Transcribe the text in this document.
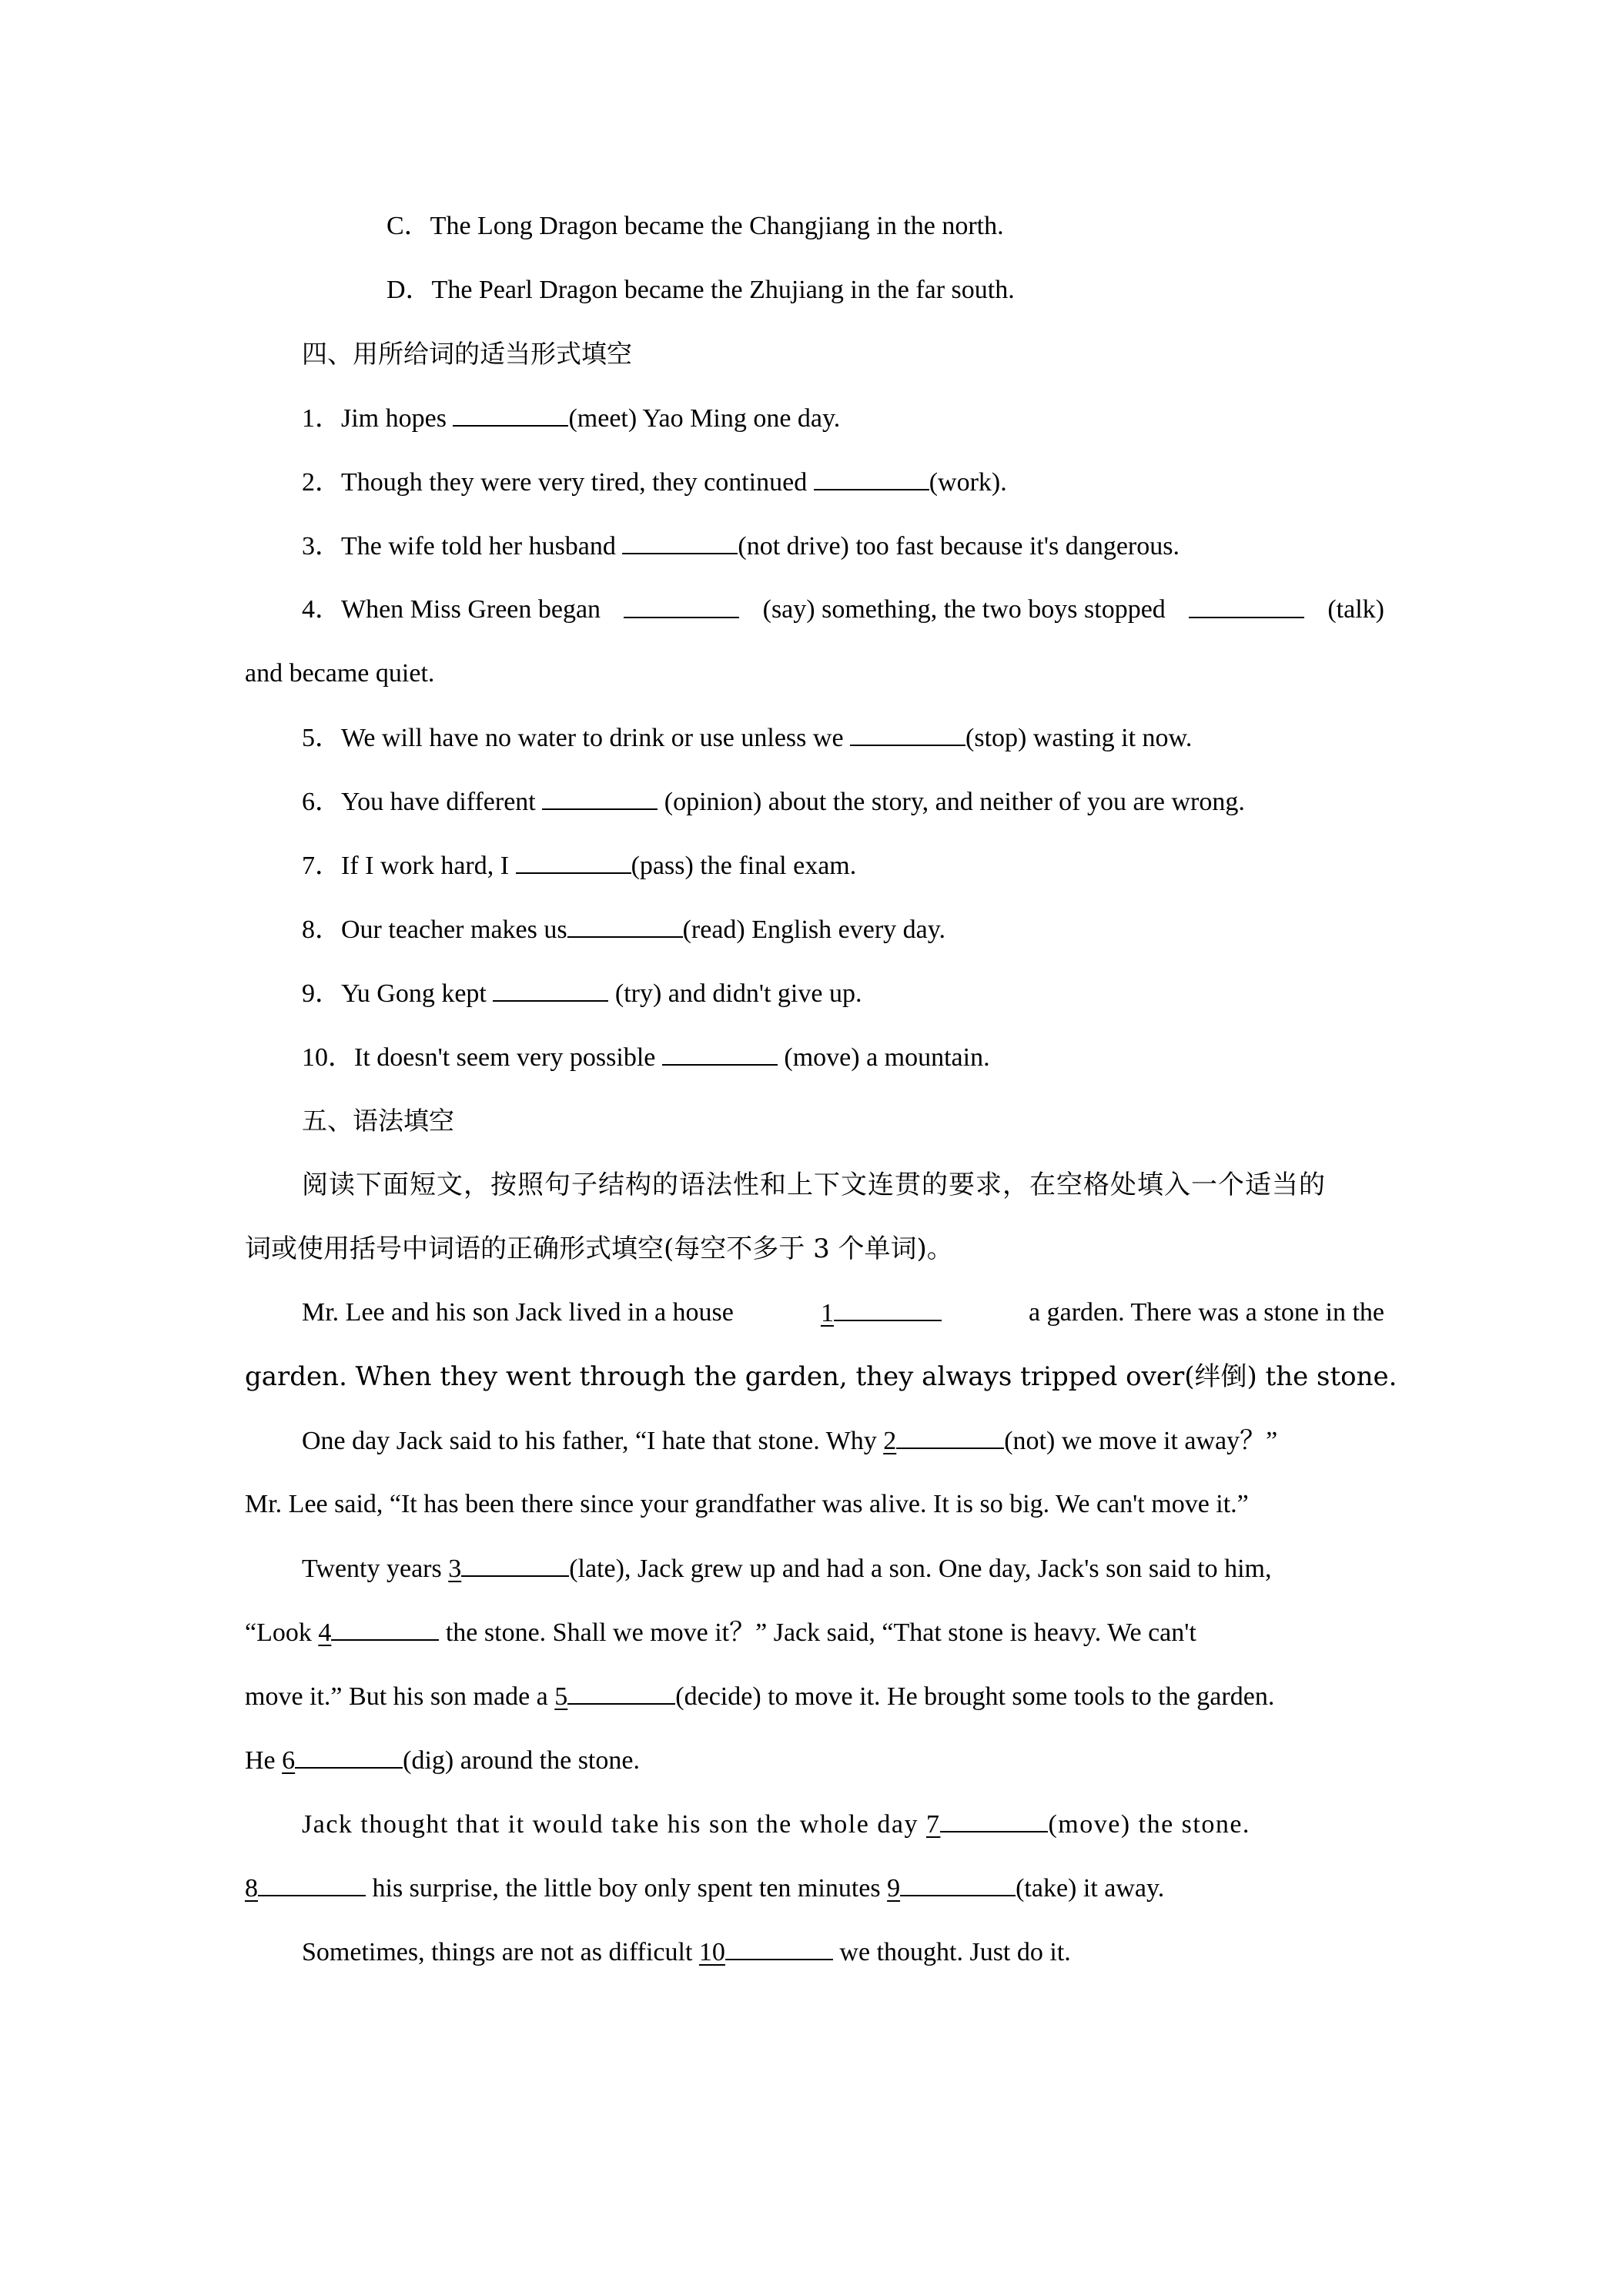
C．The Long Dragon became the Changjiang in the north.
D．The Pearl Dragon became the Zhujiang in the far south.
四、用所给词的适当形式填空
1．Jim hopes	(meet) Yao Ming one day.
2．Though they were very tired, they continued	(work).
3．The wife told her husband	(not drive) too fast because it's dangerous.
4．When Miss Green began	(say) something, the two boys stopped	(talk)
and became quiet.
5．We will have no water to drink or use unless we	(stop) wasting it now.
6．You have different	(opinion) about the story, and neither of you are wrong.
7．If I work hard, I	(pass) the final exam.
8．Our teacher makes us	(read) English every day.
9．Yu Gong kept	(try) and didn't give up.
10．It doesn't seem very possible	(move) a mountain.
五、语法填空
阅读下面短文，按照句子结构的语法性和上下文连贯的要求，在空格处填入一个适当的
词或使用括号中词语的正确形式填空(每空不多于 3 个单词)。
Mr. Lee and his son Jack lived in a house	1	a garden. There was a stone in the
garden. When they went through the garden, they always tripped over(绊倒) the stone.
One day Jack said to his father, “I hate that stone. Why 2	(not) we move it away？”
Mr. Lee said, “It has been there since your grandfather was alive. It is so big. We can't move it.”
Twenty years 3	(late), Jack grew up and had a son. One day, Jack's son said to him,
“Look 4	the stone. Shall we move it？” Jack said, “That stone is heavy. We can't
move it.” But his son made a 5	(decide) to move it. He brought some tools to the garden.
He 6	(dig) around the stone.
Jack thought that it would take his son the whole day 7	(move) the stone.
8	his surprise, the little boy only spent ten minutes 9	(take) it away.
Sometimes, things are not as difficult 10	we thought. Just do it.
